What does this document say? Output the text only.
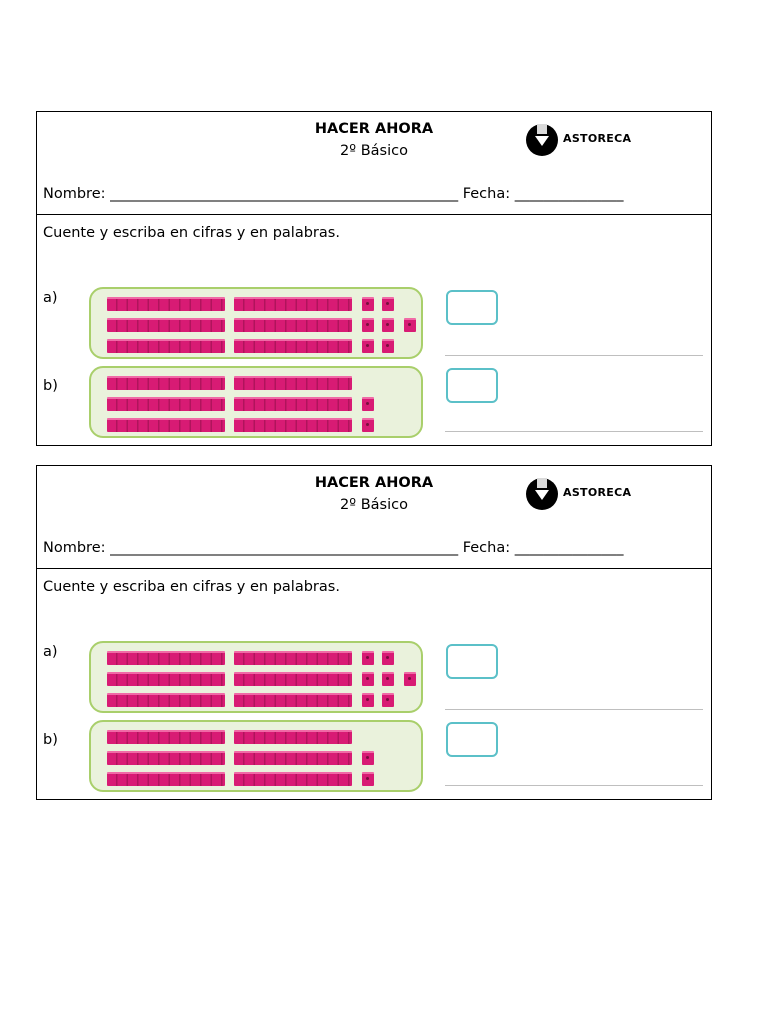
HACER AHORA
2º Básico
ASTORECA
Nombre: ________________________________________________ Fecha: _______________
Cuente y escriba en cifras y en palabras.
a)
b)
HACER AHORA
2º Básico
ASTORECA
Nombre: ________________________________________________ Fecha: _______________
Cuente y escriba en cifras y en palabras.
a)
b)
